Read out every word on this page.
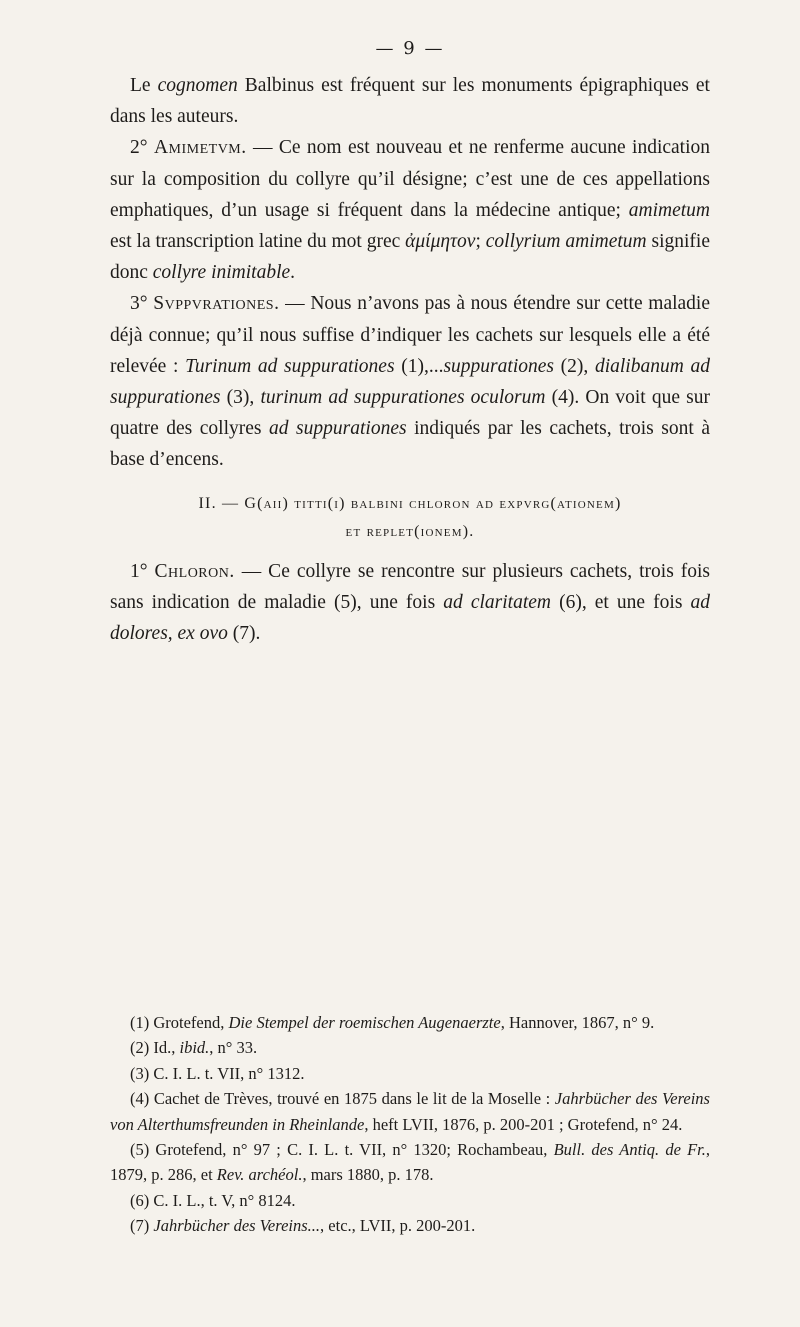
— 9 —

Le cognomen Balbinus est fréquent sur les monuments épigraphiques et dans les auteurs.

2° Amimetvm. — Ce nom est nouveau et ne renferme aucune indication sur la composition du collyre qu’il désigne; c’est une de ces appellations emphatiques, d’un usage si fréquent dans la médecine antique; amimetum est la transcription latine du mot grec ἀμίμητον; collyrium amimetum signifie donc collyre inimitable.

3° Svppvrationes. — Nous n’avons pas à nous étendre sur cette maladie déjà connue; qu’il nous suffise d’indiquer les cachets sur lesquels elle a été relevée : Turinum ad suppurationes (1),...suppurationes (2), dialibanum ad suppurationes (3), turinum ad suppurationes oculorum (4). On voit que sur quatre des collyres ad suppurationes indiqués par les cachets, trois sont à base d’encens.

II. — G(aii) titti(i) balbini chloron ad expvrg(ationem)
et replet(ionem).

1° Chloron. — Ce collyre se rencontre sur plusieurs cachets, trois fois sans indication de maladie (5), une fois ad claritatem (6), et une fois ad dolores, ex ovo (7).

(1) Grotefend, Die Stempel der roemischen Augenaerzte, Hannover, 1867, n° 9.

(2) Id., ibid., n° 33.

(3) C. I. L. t. VII, n° 1312.

(4) Cachet de Trèves, trouvé en 1875 dans le lit de la Moselle : Jahrbücher des Vereins von Alterthumsfreunden in Rheinlande, heft LVII, 1876, p. 200-201 ; Grotefend, n° 24.

(5) Grotefend, n° 97 ; C. I. L. t. VII, n° 1320; Rochambeau, Bull. des Antiq. de Fr., 1879, p. 286, et Rev. archéol., mars 1880, p. 178.

(6) C. I. L., t. V, n° 8124.

(7) Jahrbücher des Vereins..., etc., LVII, p. 200-201.
